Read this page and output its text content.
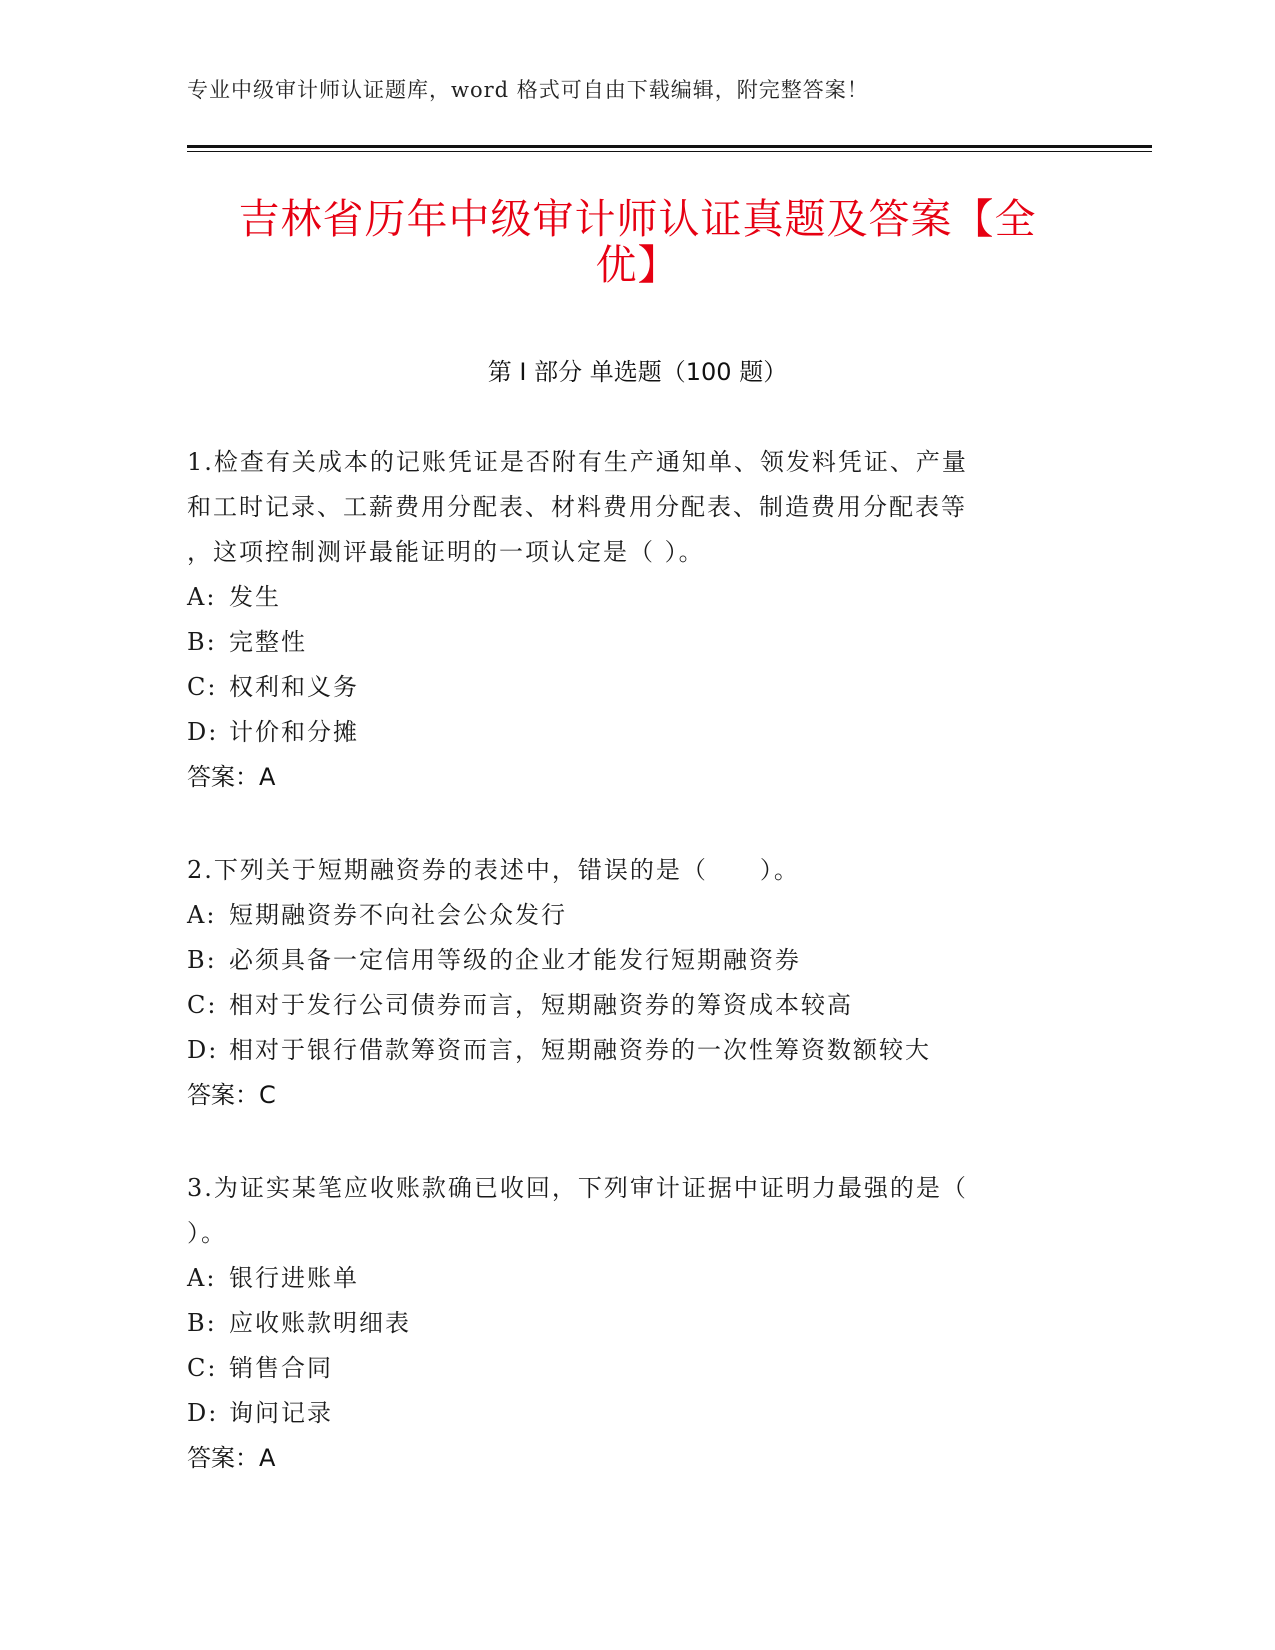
专业中级审计师认证题库，word 格式可自由下载编辑，附完整答案！
吉林省历年中级审计师认证真题及答案【全
优】
第 I 部分 单选题（100 题）
1.检查有关成本的记账凭证是否附有生产通知单、领发料凭证、产量
和工时记录、工薪费用分配表、材料费用分配表、制造费用分配表等
，这项控制测评最能证明的一项认定是（ ）。
A: 发生
B: 完整性
C: 权利和义务
D: 计价和分摊
答案：A
2.下列关于短期融资券的表述中，错误的是（　　）。
A: 短期融资券不向社会公众发行
B: 必须具备一定信用等级的企业才能发行短期融资券
C: 相对于发行公司债券而言，短期融资券的筹资成本较高
D: 相对于银行借款筹资而言，短期融资券的一次性筹资数额较大
答案：C
3.为证实某笔应收账款确已收回，下列审计证据中证明力最强的是（
）。
A: 银行进账单
B: 应收账款明细表
C: 销售合同
D: 询问记录
答案：A
